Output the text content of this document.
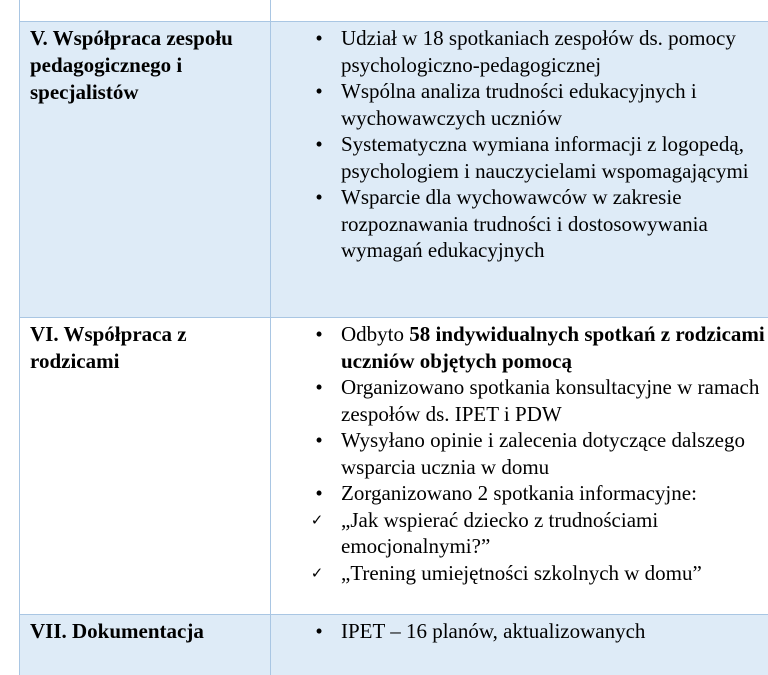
V. Współpraca zespołu pedagogicznego i specjalistów
• Udział w 18 spotkaniach zespołów ds. pomocy psychologiczno-pedagogicznej
• Wspólna analiza trudności edukacyjnych i wychowawczych uczniów
• Systematyczna wymiana informacji z logopedą, psychologiem i nauczycielami wspomagającymi
• Wsparcie dla wychowawców w zakresie rozpoznawania trudności i dostosowywania wymagań edukacyjnych
VI. Współpraca z rodzicami
• Odbyto 58 indywidualnych spotkań z rodzicami uczniów objętych pomocą
• Organizowano spotkania konsultacyjne w ramach zespołów ds. IPET i PDW
• Wysyłano opinie i zalecenia dotyczące dalszego wsparcia ucznia w domu
• Zorganizowano 2 spotkania informacyjne:
✓ „Jak wspierać dziecko z trudnościami emocjonalnymi?”
✓ „Trening umiejętności szkolnych w domu”
VII. Dokumentacja	• IPET – 16 planów, aktualizowanych
